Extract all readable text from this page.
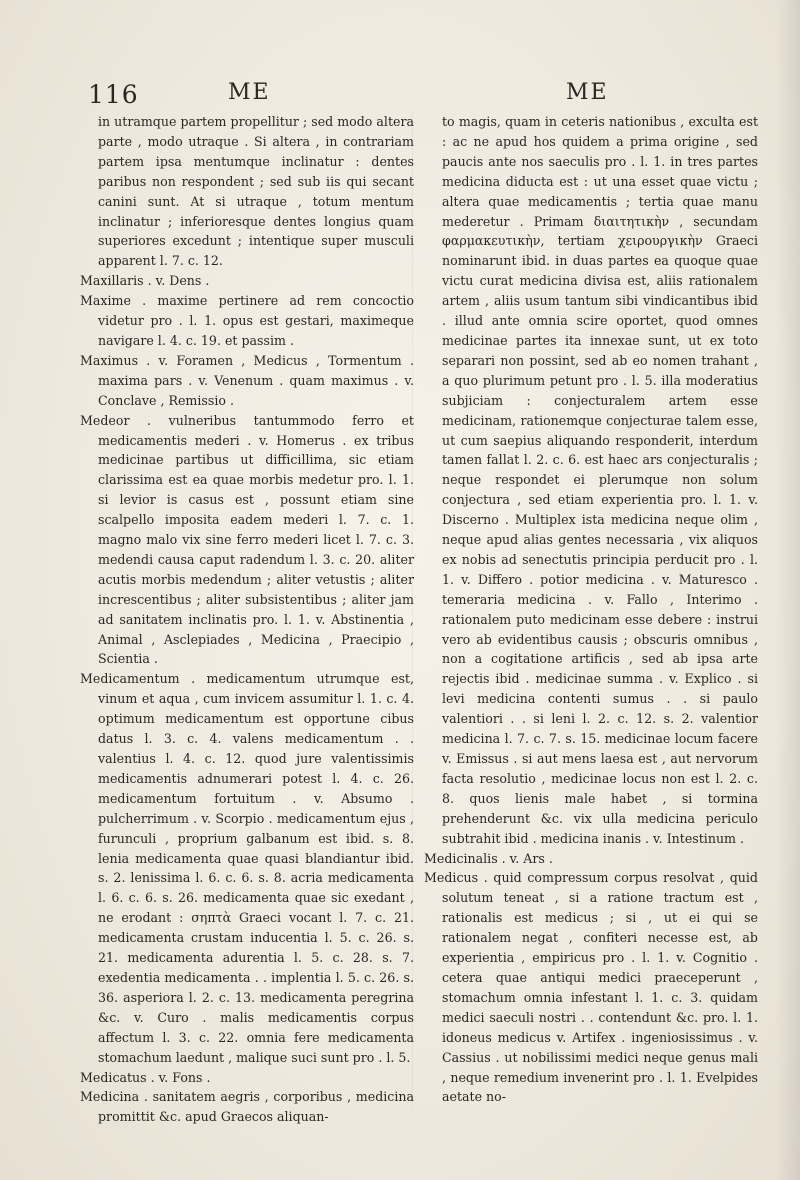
116	ME	ME

in utramque partem propellitur ; sed modo altera parte , modo utraque . Si altera , in contrariam partem ipsa mentumque inclinatur : dentes paribus non respondent ; sed sub iis qui secant canini sunt. At si utraque , totum mentum inclinatur ; inferioresque dentes longius quam superiores excedunt ; intentique super musculi apparent l. 7. c. 12.

Maxillaris . v. Dens .

Maxime . maxime pertinere ad rem concoctio videtur pro . l. 1. opus est gestari, maximeque navigare l. 4. c. 19. et passim .

Maximus . v. Foramen , Medicus , Tormentum . maxima pars . v. Venenum . quam maximus . v. Conclave , Remissio .

Medeor . vulneribus tantummodo ferro et medicamentis mederi . v. Homerus . ex tribus medicinae partibus ut difficillima, sic etiam clarissima est ea quae morbis medetur pro. l. 1. si levior is casus est , possunt etiam sine scalpello imposita eadem mederi l. 7. c. 1. magno malo vix sine ferro mederi licet l. 7. c. 3. medendi causa caput radendum l. 3. c. 20. aliter acutis morbis medendum ; aliter vetustis ; aliter increscentibus ; aliter subsistentibus ; aliter jam ad sanitatem inclinatis pro. l. 1. v. Abstinentia , Animal , Asclepiades , Medicina , Praecipio , Scientia .

Medicamentum . medicamentum utrumque est, vinum et aqua , cum invicem assumitur l. 1. c. 4. optimum medicamentum est opportune cibus datus l. 3. c. 4. valens medicamentum . . valentius l. 4. c. 12. quod jure valentissimis medicamentis adnumerari potest l. 4. c. 26. medicamentum fortuitum . v. Absumo . pulcherrimum . v. Scorpio . medicamentum ejus , furunculi , proprium galbanum est ibid. s. 8. lenia medicamenta quae quasi blandiantur ibid. s. 2. lenissima l. 6. c. 6. s. 8. acria medicamenta l. 6. c. 6. s. 26. medicamenta quae sic exedant , ne erodant : σηπτὰ Graeci vocant l. 7. c. 21. medicamenta crustam inducentia l. 5. c. 26. s. 21. medicamenta adurentia l. 5. c. 28. s. 7. exedentia medicamenta . . implentia l. 5. c. 26. s. 36. asperiora l. 2. c. 13. medicamenta peregrina &c. v. Curo . malis medicamentis corpus affectum l. 3. c. 22. omnia fere medicamenta stomachum laedunt , malique suci sunt pro . l. 5.

Medicatus . v. Fons .

Medicina . sanitatem aegris , corporibus , medicina promittit &c. apud Graecos aliquan-

to magis, quam in ceteris nationibus , exculta est : ac ne apud hos quidem a prima origine , sed paucis ante nos saeculis pro . l. 1. in tres partes medicina diducta est : ut una esset quae victu ; altera quae medicamentis ; tertia quae manu mederetur . Primam διαιτητικὴν , secundam φαρμακευτικὴν, tertiam χειρουργικὴν Graeci nominarunt ibid. in duas partes ea quoque quae victu curat medicina divisa est, aliis rationalem artem , aliis usum tantum sibi vindicantibus ibid . illud ante omnia scire oportet, quod omnes medicinae partes ita innexae sunt, ut ex toto separari non possint, sed ab eo nomen trahant , a quo plurimum petunt pro . l. 5. illa moderatius subjiciam : conjecturalem artem esse medicinam, rationemque conjecturae talem esse, ut cum saepius aliquando responderit, interdum tamen fallat l. 2. c. 6. est haec ars conjecturalis ; neque respondet ei plerumque non solum conjectura , sed etiam experientia pro. l. 1. v. Discerno . Multiplex ista medicina neque olim , neque apud alias gentes necessaria , vix aliquos ex nobis ad senectutis principia perducit pro . l. 1. v. Differo . potior medicina . v. Maturesco . temeraria medicina . v. Fallo , Interimo . rationalem puto medicinam esse debere : instrui vero ab evidentibus causis ; obscuris omnibus , non a cogitatione artificis , sed ab ipsa arte rejectis ibid . medicinae summa . v. Explico . si levi medicina contenti sumus . . si paulo valentiori . . si leni l. 2. c. 12. s. 2. valentior medicina l. 7. c. 7. s. 15. medicinae locum facere v. Emissus . si aut mens laesa est , aut nervorum facta resolutio , medicinae locus non est l. 2. c. 8. quos lienis male habet , si tormina prehenderunt &c. vix ulla medicina periculo subtrahit ibid . medicina inanis . v. Intestinum .

Medicinalis . v. Ars .

Medicus . quid compressum corpus resolvat , quid solutum teneat , si a ratione tractum est , rationalis est medicus ; si , ut ei qui se rationalem negat , confiteri necesse est, ab experientia , empiricus pro . l. 1. v. Cognitio . cetera quae antiqui medici praeceperunt , stomachum omnia infestant l. 1. c. 3. quidam medici saeculi nostri . . contendunt &c. pro. l. 1. idoneus medicus v. Artifex . ingeniosissimus . v. Cassius . ut nobilissimi medici neque genus mali , neque remedium invenerint pro . l. 1. Evelpides aetate no-
